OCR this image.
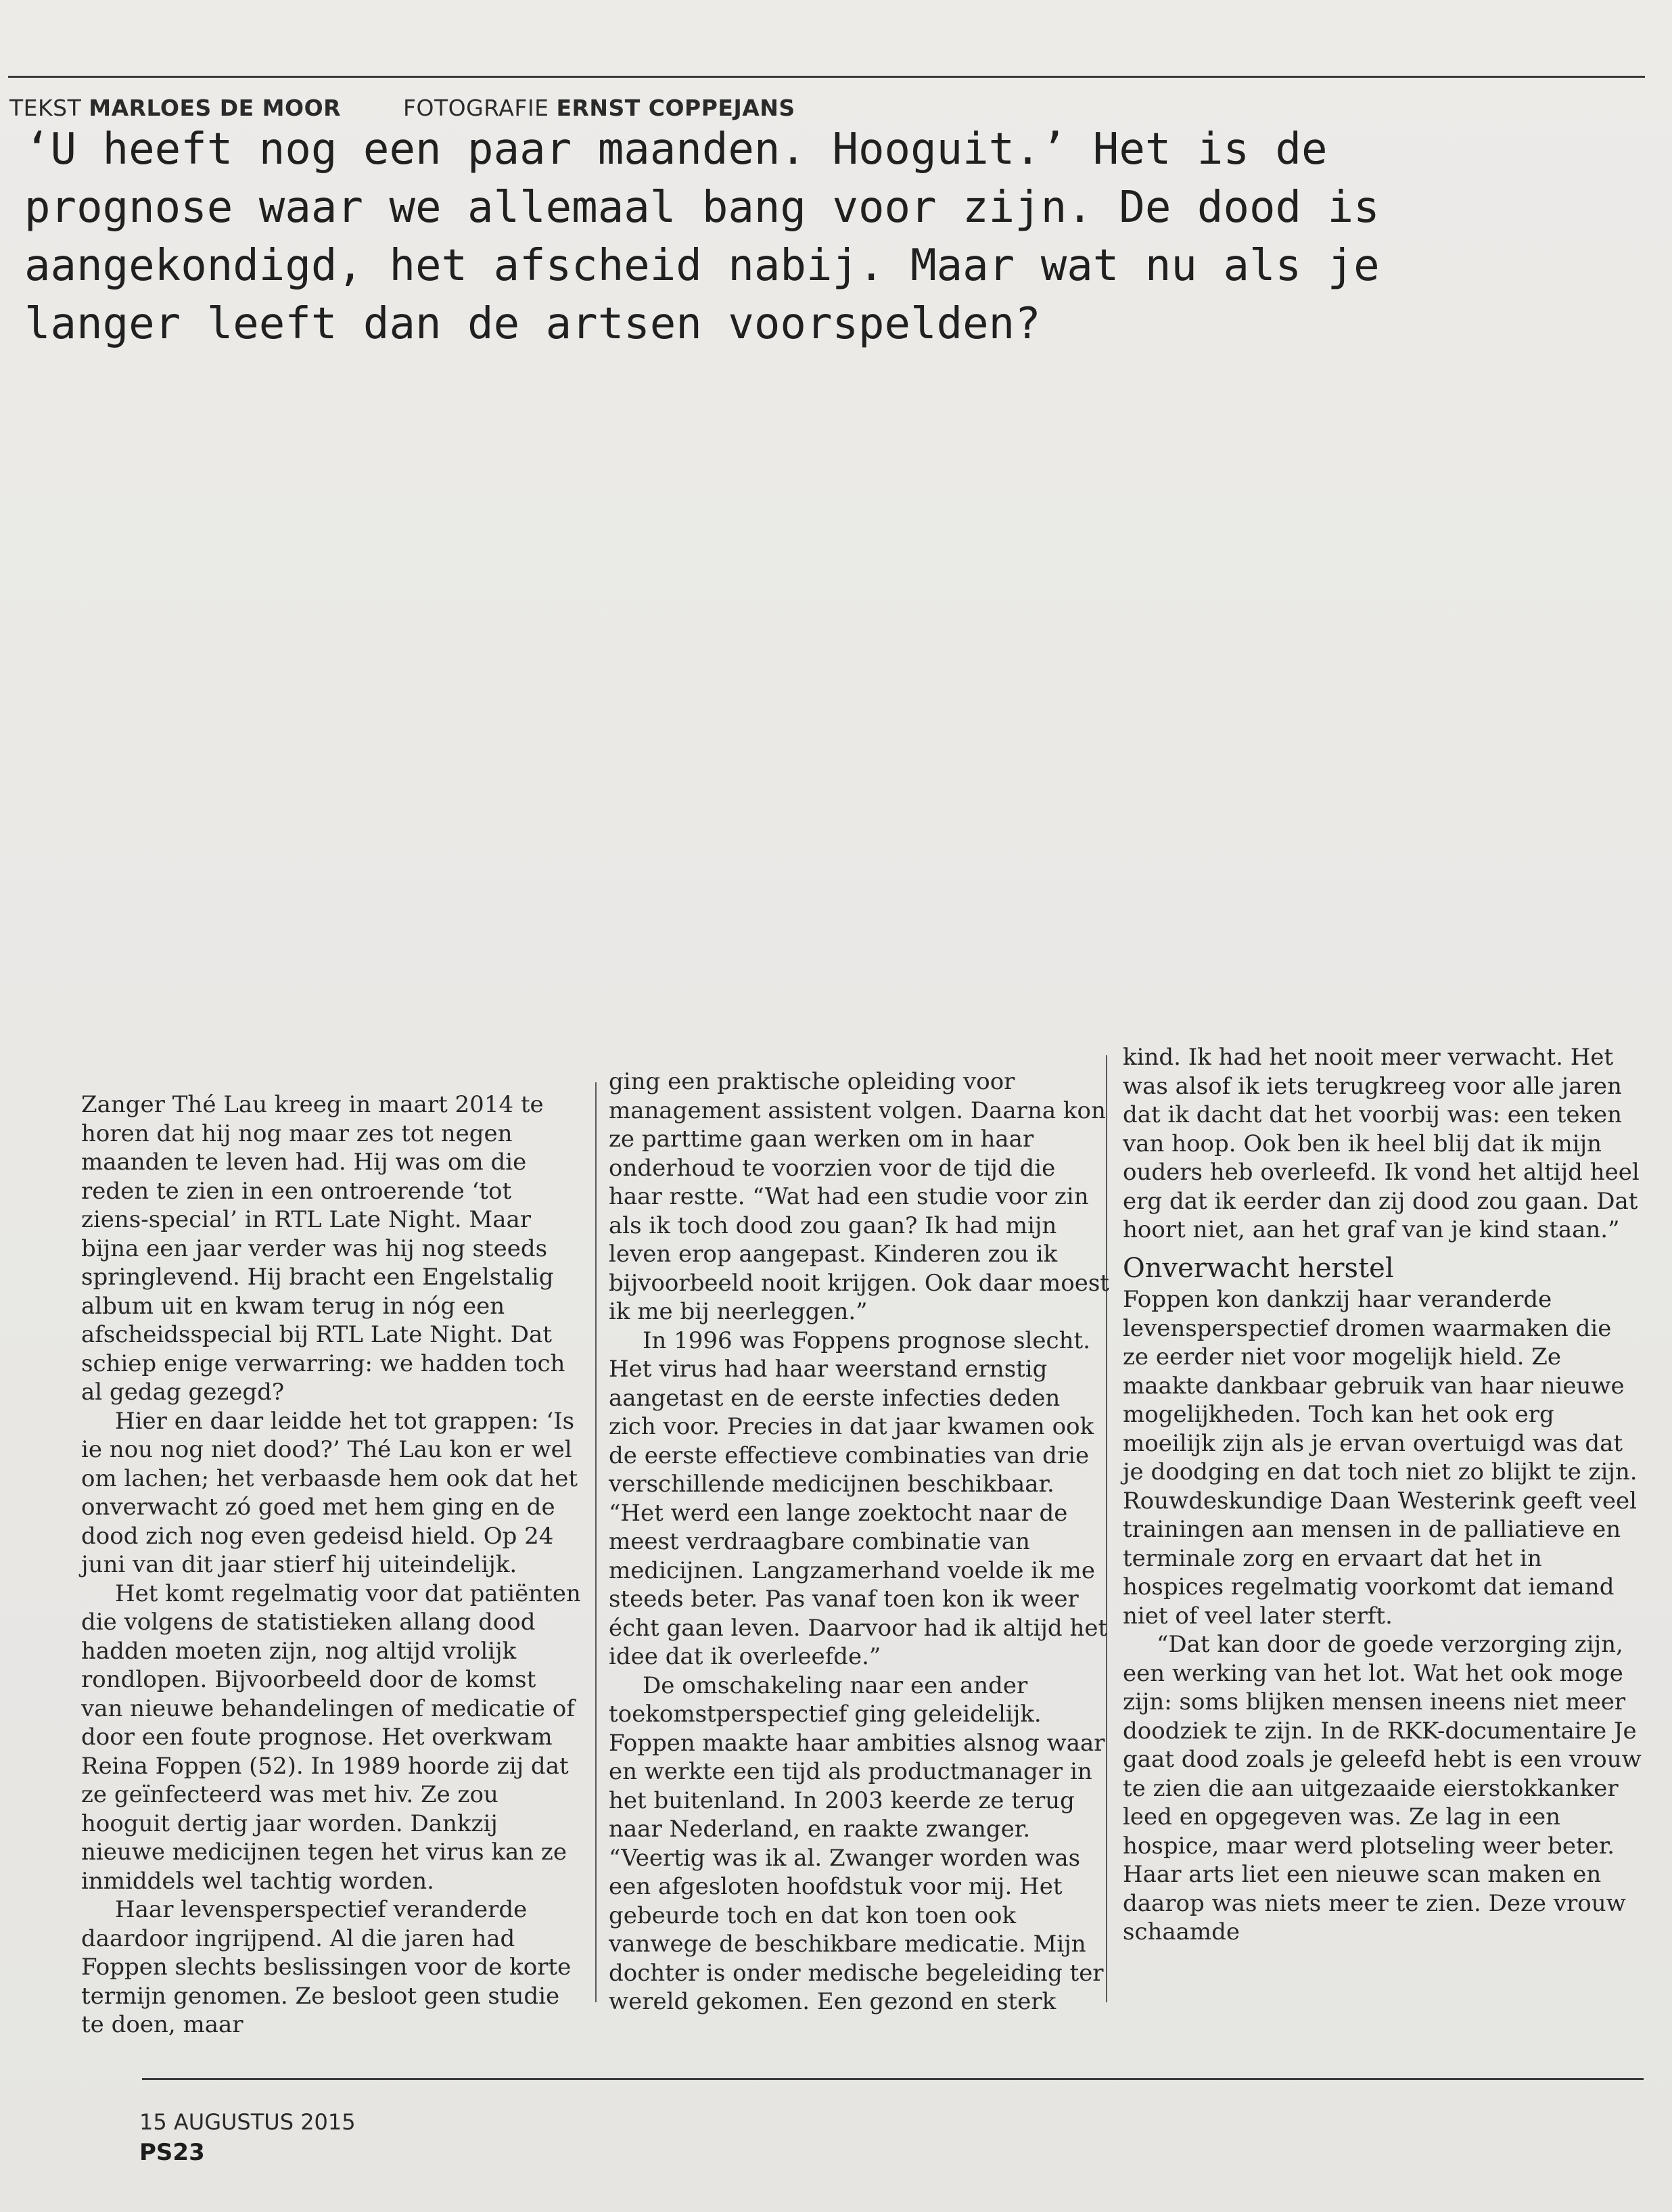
TEKST MARLOES DE MOOR	FOTOGRAFIE ERNST COPPEJANS
‘U heeft nog een paar maanden. Hooguit.’ Het is de prognose waar we allemaal bang voor zijn. De dood is aangekondigd, het afscheid nabij. Maar wat nu als je langer leeft dan de artsen voorspelden?

Zanger Thé Lau kreeg in maart 2014 te horen dat hij nog maar zes tot negen maanden te leven had. Hij was om die reden te zien in een ontroerende ‘tot ziens-special’ in RTL Late Night. Maar bijna een jaar verder was hij nog steeds springlevend. Hij bracht een Engelstalig album uit en kwam terug in nóg een afscheidsspecial bij RTL Late Night. Dat schiep enige verwarring: we hadden toch al gedag gezegd?

Hier en daar leidde het tot grappen: ‘Is ie nou nog niet dood?’ Thé Lau kon er wel om lachen; het verbaasde hem ook dat het onverwacht zó goed met hem ging en de dood zich nog even gedeisd hield. Op 24 juni van dit jaar stierf hij uiteindelijk.

Het komt regelmatig voor dat patiënten die volgens de statistieken allang dood hadden moeten zijn, nog altijd vrolijk rondlopen. Bijvoorbeeld door de komst van nieuwe behandelingen of medicatie of door een foute prognose. Het overkwam Reina Foppen (52). In 1989 hoorde zij dat ze geïnfecteerd was met hiv. Ze zou hooguit dertig jaar worden. Dankzij nieuwe medicijnen tegen het virus kan ze inmiddels wel tachtig worden.

Haar levensperspectief veranderde daardoor ingrijpend. Al die jaren had Foppen slechts beslissingen voor de korte termijn genomen. Ze besloot geen studie te doen, maar

ging een praktische opleiding voor management assistent volgen. Daarna kon ze parttime gaan werken om in haar onderhoud te voorzien voor de tijd die haar restte. “Wat had een studie voor zin als ik toch dood zou gaan? Ik had mijn leven erop aangepast. Kinderen zou ik bijvoorbeeld nooit krijgen. Ook daar moest ik me bij neerleggen.”

In 1996 was Foppens prognose slecht. Het virus had haar weerstand ernstig aangetast en de eerste infecties deden zich voor. Precies in dat jaar kwamen ook de eerste effectieve combinaties van drie verschillende medicijnen beschikbaar. “Het werd een lange zoektocht naar de meest verdraagbare combinatie van medicijnen. Langzamerhand voelde ik me steeds beter. Pas vanaf toen kon ik weer écht gaan leven. Daarvoor had ik altijd het idee dat ik overleefde.”

De omschakeling naar een ander toekomstperspectief ging geleidelijk. Foppen maakte haar ambities alsnog waar en werkte een tijd als productmanager in het buitenland. In 2003 keerde ze terug naar Nederland, en raakte zwanger. “Veertig was ik al. Zwanger worden was een afgesloten hoofdstuk voor mij. Het gebeurde toch en dat kon toen ook vanwege de beschikbare medicatie. Mijn dochter is onder medische begeleiding ter wereld gekomen. Een gezond en sterk

kind. Ik had het nooit meer verwacht. Het was alsof ik iets terugkreeg voor alle jaren dat ik dacht dat het voorbij was: een teken van hoop. Ook ben ik heel blij dat ik mijn ouders heb overleefd. Ik vond het altijd heel erg dat ik eerder dan zij dood zou gaan. Dat hoort niet, aan het graf van je kind staan.”

Onverwacht herstel

Foppen kon dankzij haar veranderde levensperspectief dromen waarmaken die ze eerder niet voor mogelijk hield. Ze maakte dankbaar gebruik van haar nieuwe mogelijkheden. Toch kan het ook erg moeilijk zijn als je ervan overtuigd was dat je doodging en dat toch niet zo blijkt te zijn. Rouwdeskundige Daan Westerink geeft veel trainingen aan mensen in de palliatieve en terminale zorg en ervaart dat het in hospices regelmatig voorkomt dat iemand niet of veel later sterft.

“Dat kan door de goede verzorging zijn, een werking van het lot. Wat het ook moge zijn: soms blijken mensen ineens niet meer doodziek te zijn. In de RKK-documentaire Je gaat dood zoals je geleefd hebt is een vrouw te zien die aan uitgezaaide eierstokkanker leed en opgegeven was. Ze lag in een hospice, maar werd plotseling weer beter. Haar arts liet een nieuwe scan maken en daarop was niets meer te zien. Deze vrouw schaamde

15 AUGUSTUS 2015
PS23
